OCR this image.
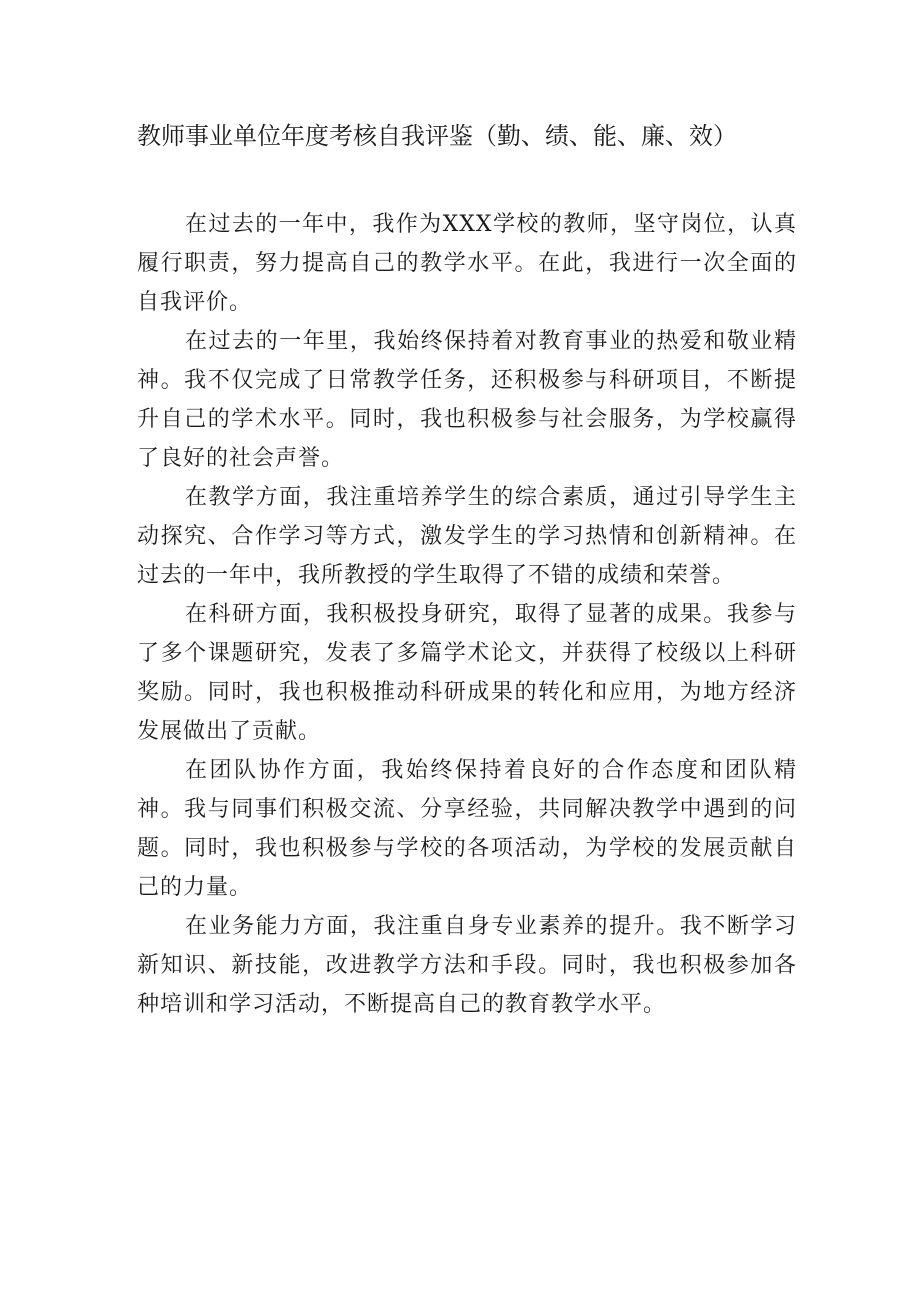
教师事业单位年度考核自我评鉴（勤、绩、能、廉、效）

在过去的一年中，我作为XXX学校的教师，坚守岗位，认真履行职责，努力提高自己的教学水平。在此，我进行一次全面的自我评价。

在过去的一年里，我始终保持着对教育事业的热爱和敬业精神。我不仅完成了日常教学任务，还积极参与科研项目，不断提升自己的学术水平。同时，我也积极参与社会服务，为学校赢得了良好的社会声誉。

在教学方面，我注重培养学生的综合素质，通过引导学生主动探究、合作学习等方式，激发学生的学习热情和创新精神。在过去的一年中，我所教授的学生取得了不错的成绩和荣誉。

在科研方面，我积极投身研究，取得了显著的成果。我参与了多个课题研究，发表了多篇学术论文，并获得了校级以上科研奖励。同时，我也积极推动科研成果的转化和应用，为地方经济发展做出了贡献。

在团队协作方面，我始终保持着良好的合作态度和团队精神。我与同事们积极交流、分享经验，共同解决教学中遇到的问题。同时，我也积极参与学校的各项活动，为学校的发展贡献自己的力量。

在业务能力方面，我注重自身专业素养的提升。我不断学习新知识、新技能，改进教学方法和手段。同时，我也积极参加各种培训和学习活动，不断提高自己的教育教学水平。
